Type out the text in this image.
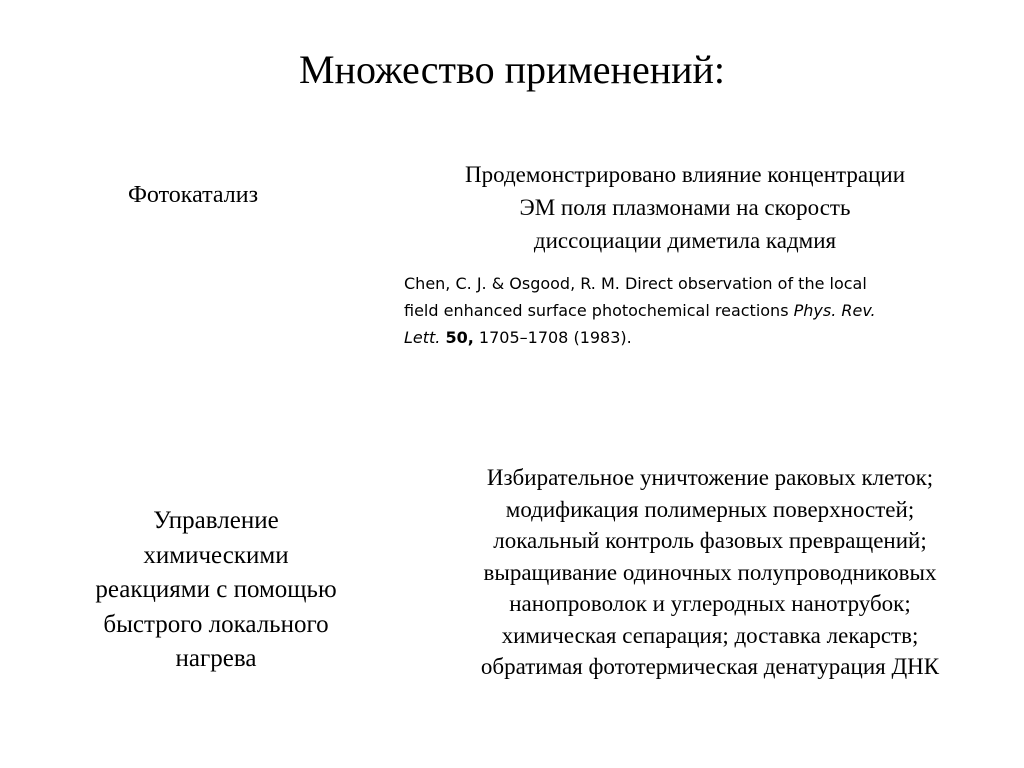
Множество применений:
Фотокатализ
Продемонстрировано влияние концентрации
ЭМ поля плазмонами на скорость
диссоциации диметила кадмия
Chen, C. J. & Osgood, R. M. Direct observation of the local
field enhanced surface photochemical reactions Phys. Rev.
Lett. 50, 1705–1708 (1983).
Управление
химическими
реакциями с помощью
быстрого локального
нагрева
Избирательное уничтожение раковых клеток;
модификация полимерных поверхностей;
локальный контроль фазовых превращений;
выращивание одиночных полупроводниковых
нанопроволок и углеродных нанотрубок;
химическая сепарация; доставка лекарств;
обратимая фототермическая денатурация ДНК
